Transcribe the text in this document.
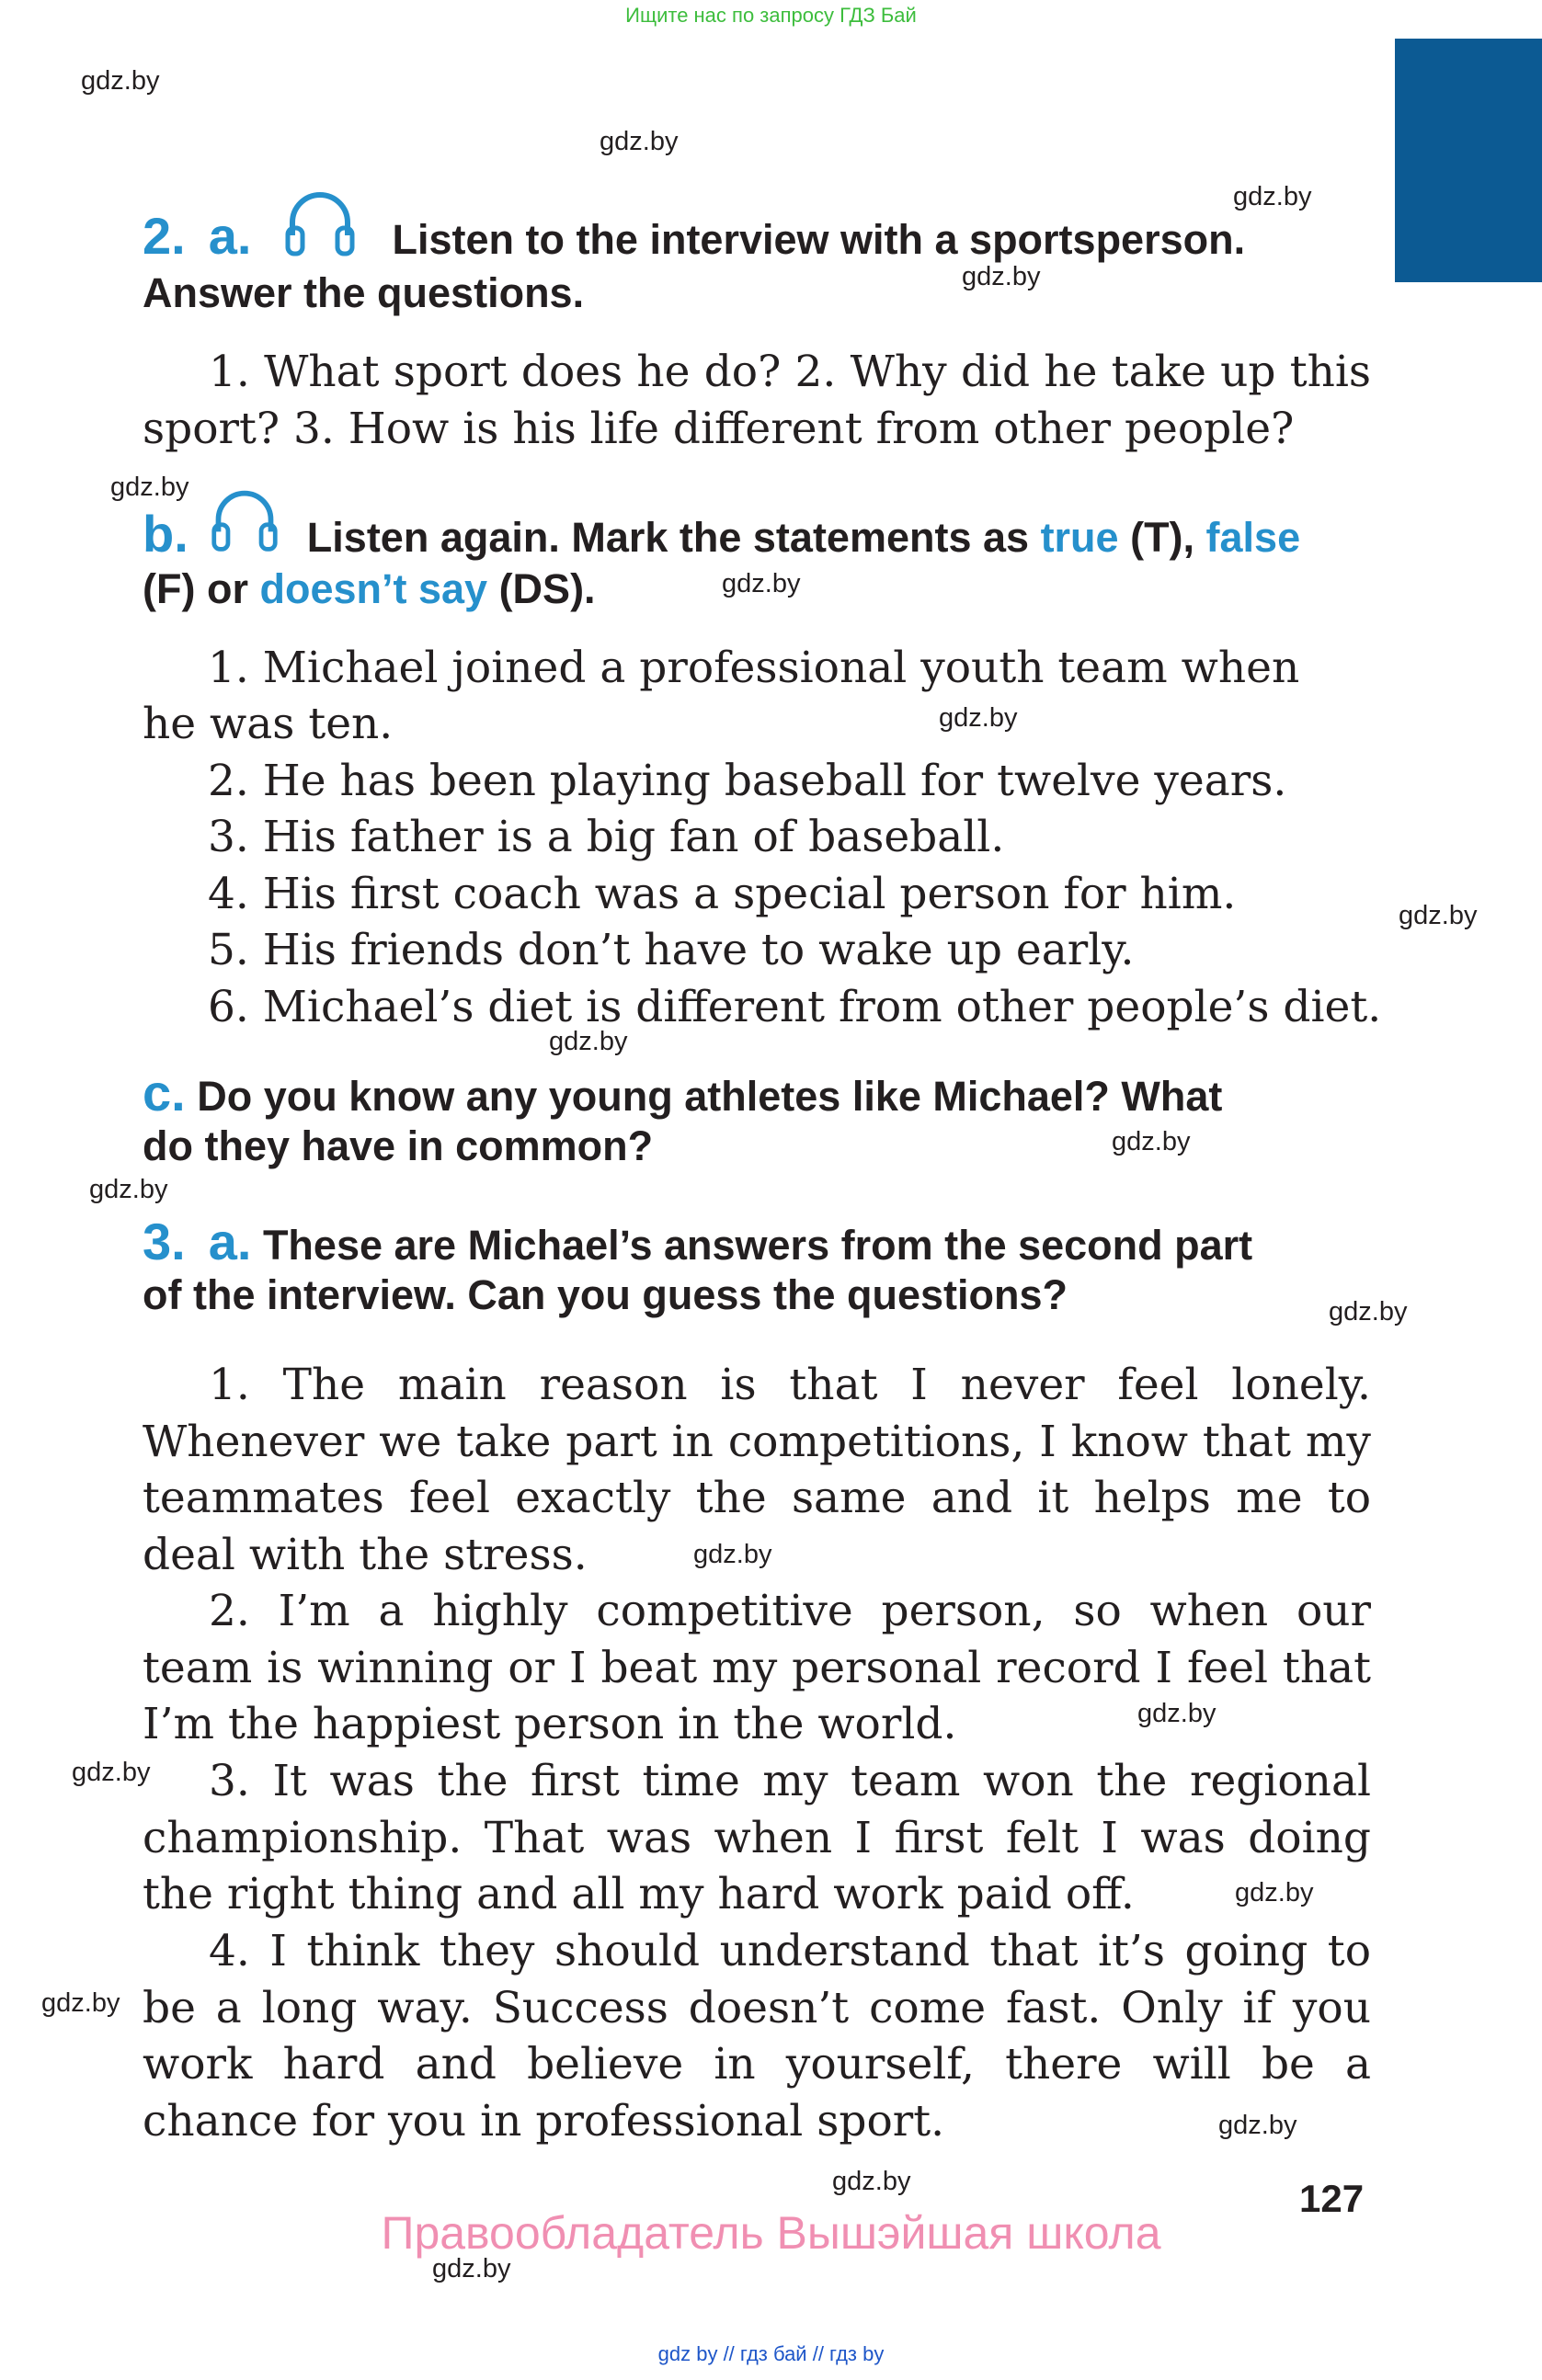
Ищите нас по запросу ГДЗ Бай
gdz.by
gdz.by
gdz.by
gdz.by
gdz.by
gdz.by
gdz.by
gdz.by
gdz.by
gdz.by
gdz.by
gdz.by
gdz.by
gdz.by
gdz.by
gdz.by
gdz.by
gdz.by
gdz.by
gdz.by
2. a.	Listen to the interview with a sportsperson.
Answer the questions.
1. What sport does he do? 2. Why did he take up this sport? 3. How is his life different from other people?
b.	Listen again. Mark the statements as true (T), false
(F) or doesn’t say (DS).
1. Michael joined a professional youth team when
he was ten.
2. He has been playing baseball for twelve years.
3. His father is a big fan of baseball.
4. His first coach was a special person for him.
5. His friends don’t have to wake up early.
6. Michael’s diet is different from other people’s diet.
c. Do you know any young athletes like Michael? What
do they have in common?
3. a. These are Michael’s answers from the second part
of the interview. Can you guess the questions?
1. The main reason is that I never feel lonely. Whenever we take part in competitions, I know that my teammates feel exactly the same and it helps me to deal with the stress.
2. I’m a highly competitive person, so when our team is winning or I beat my personal record I feel that I’m the happiest person in the world.
3. It was the first time my team won the regional championship. That was when I first felt I was doing the right thing and all my hard work paid off.
4. I think they should understand that it’s going to be a long way. Success doesn’t come fast. Only if you work hard and believe in yourself, there will be a chance for you in professional sport.
127
Правообладатель Вышэйшая школа
gdz by // гдз бай // гдз by
